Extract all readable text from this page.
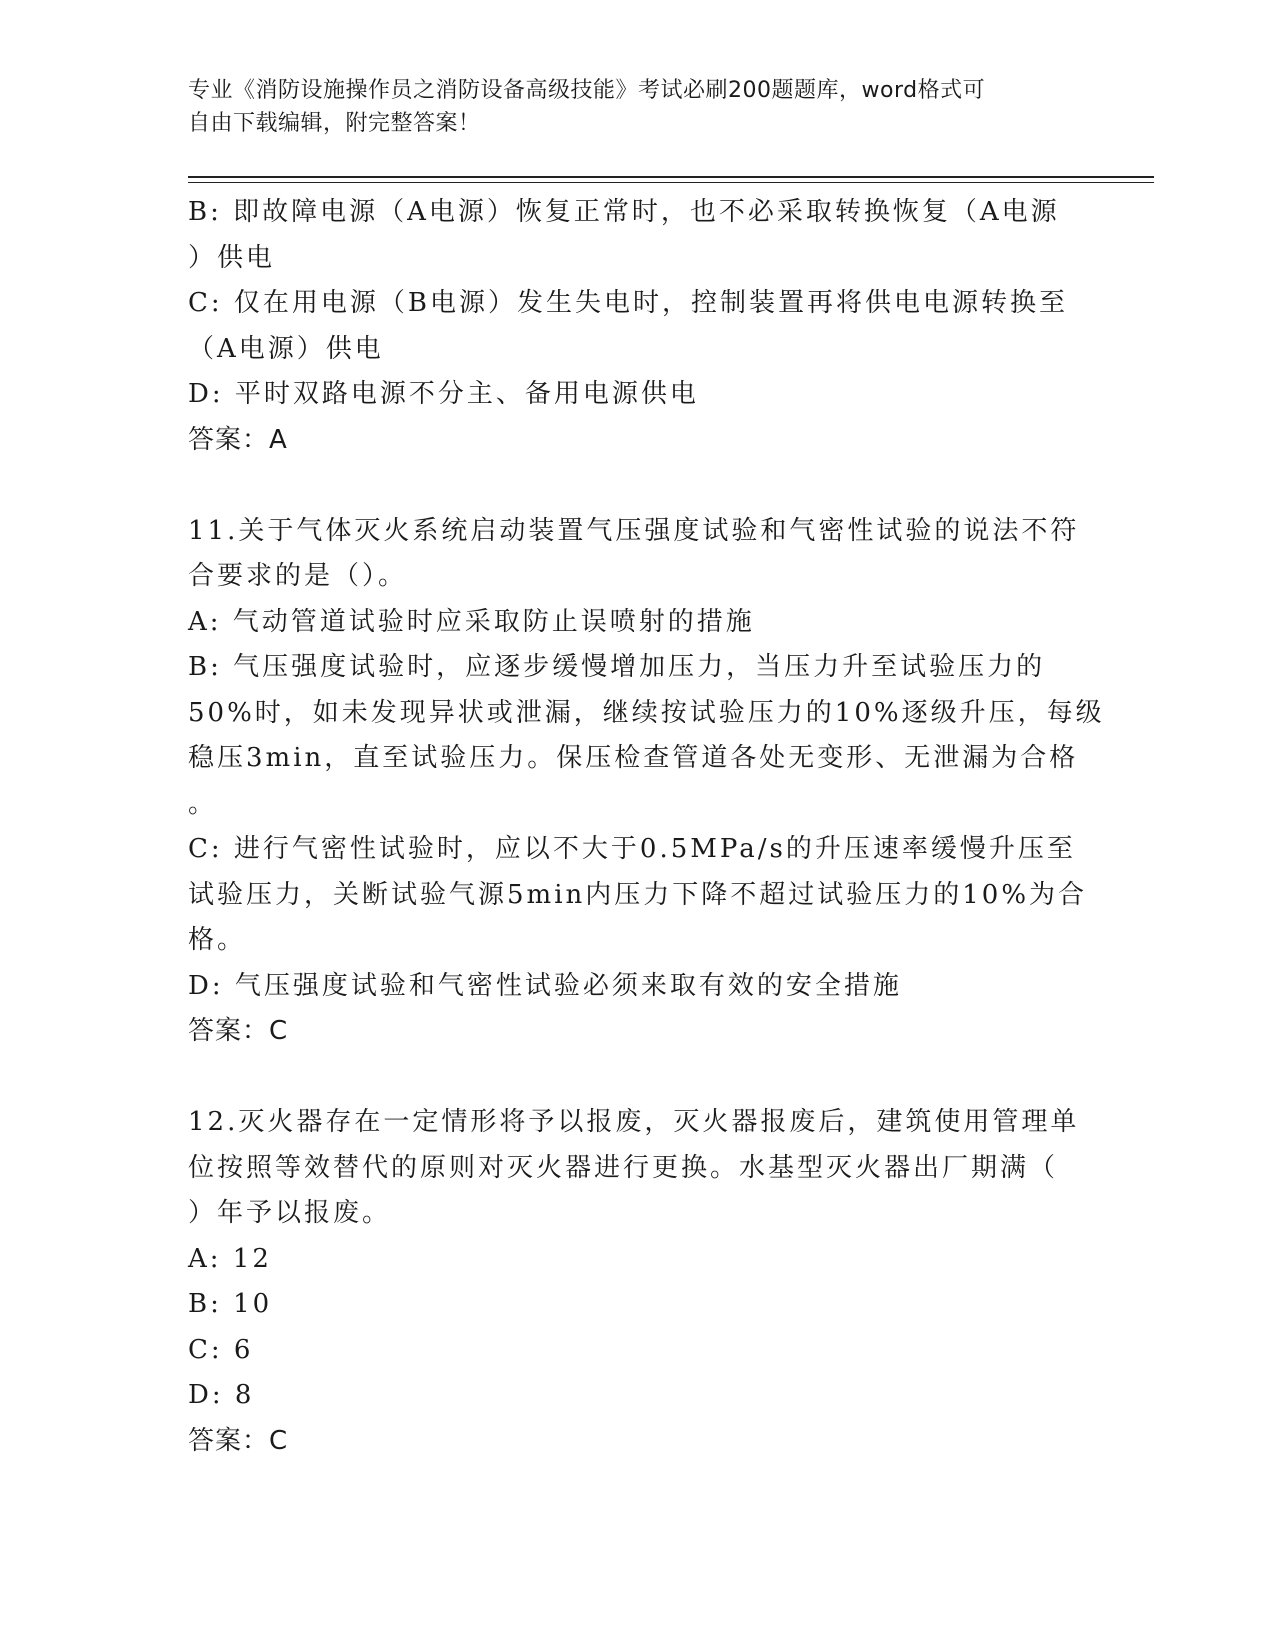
专业《消防设施操作员之消防设备高级技能》考试必刷200题题库，word格式可
自由下载编辑，附完整答案！
B: 即故障电源（A电源）恢复正常时，也不必采取转换恢复（A电源
）供电
C: 仅在用电源（B电源）发生失电时，控制装置再将供电电源转换至
（A电源）供电
D: 平时双路电源不分主、备用电源供电
答案：A
11.关于气体灭火系统启动装置气压强度试验和气密性试验的说法不符
合要求的是（）。
A: 气动管道试验时应采取防止误喷射的措施
B: 气压强度试验时，应逐步缓慢增加压力，当压力升至试验压力的
50%时，如未发现异状或泄漏，继续按试验压力的10%逐级升压，每级
稳压3min，直至试验压力。保压检查管道各处无变形、无泄漏为合格
。
C: 进行气密性试验时，应以不大于0.5MPa/s的升压速率缓慢升压至
试验压力，关断试验气源5min内压力下降不超过试验压力的10%为合
格。
D: 气压强度试验和气密性试验必须来取有效的安全措施
答案：C
12.灭火器存在一定情形将予以报废，灭火器报废后，建筑使用管理单
位按照等效替代的原则对灭火器进行更换。水基型灭火器出厂期满（
）年予以报废。
A: 12
B: 10
C: 6
D: 8
答案：C
